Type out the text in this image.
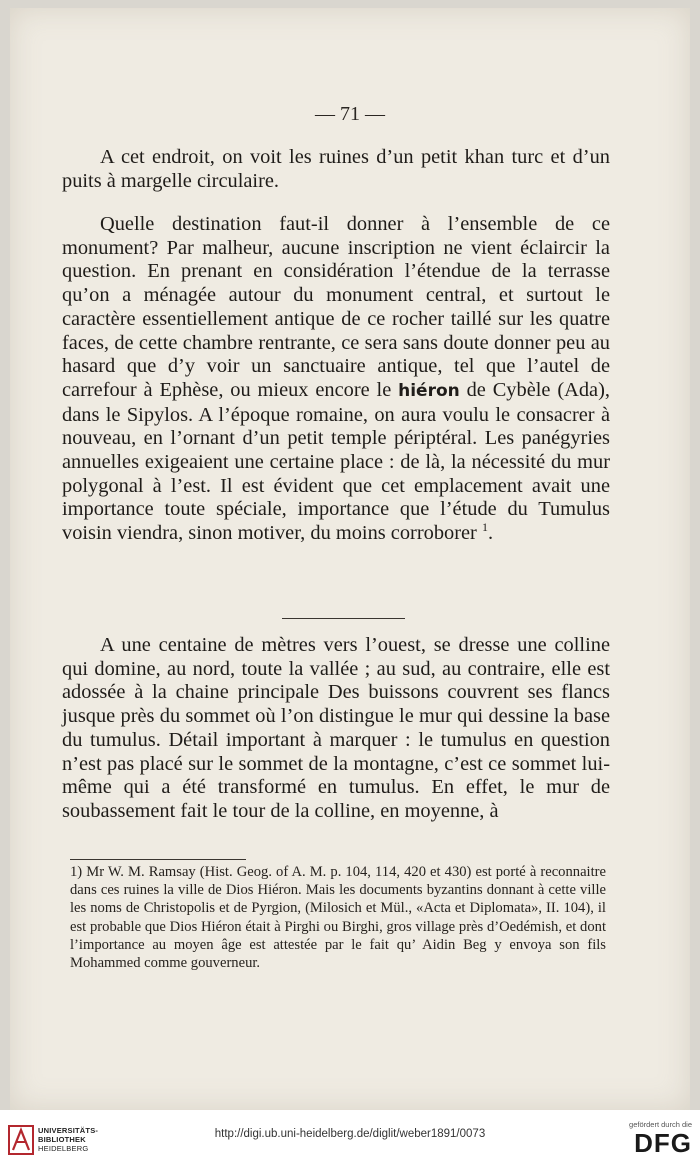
— 71 —

A cet endroit, on voit les ruines d’un petit khan turc et d’un puits à margelle circulaire.

Quelle destination faut-il donner à l’ensemble de ce monument? Par malheur, aucune inscription ne vient éclaircir la question. En prenant en considération l’étendue de la terrasse qu’on a ménagée autour du monument central, et surtout le caractère essentiellement antique de ce rocher taillé sur les quatre faces, de cette chambre rentrante, ce sera sans doute donner peu au hasard que d’y voir un sanctuaire antique, tel que l’autel de carrefour à Ephèse, ou mieux encore le hiéron de Cybèle (Ada), dans le Sipylos. A l’époque romaine, on aura voulu le consacrer à nouveau, en l’ornant d’un petit temple périptéral. Les panégyries annuelles exigeaient une certaine place : de là, la nécessité du mur polygonal à l’est. Il est évident que cet emplacement avait une importance toute spéciale, importance que l’étude du Tumulus voisin viendra, sinon motiver, du moins corroborer $^1$.

A une centaine de mètres vers l’ouest, se dresse une colline qui domine, au nord, toute la vallée ; au sud, au contraire, elle est adossée à la chaine principale Des buissons couvrent ses flancs jusque près du sommet où l’on distingue le mur qui dessine la base du tumulus. Détail important à marquer : le tumulus en question n’est pas placé sur le sommet de la montagne, c’est ce sommet lui-même qui a été transformé en tumulus. En effet, le mur de soubassement fait le tour de la colline, en moyenne, à

1) Mr W. M. Ramsay (Hist. Geog. of A. M. p. 104, 114, 420 et 430) est porté à reconnaitre dans ces ruines la ville de Dios Hiéron. Mais les documents byzantins donnant à cette ville les noms de Christopolis et de Pyrgion, (Milosich et Mül., «Acta et Diplomata», II. 104), il est probable que Dios Hiéron était à Pirghi ou Birghi, gros village près d’Oedémish, et dont l’importance au moyen âge est attestée par le fait qu’ Aidin Beg y envoya son fils Mohammed comme gouverneur.
UNIVERSITÄTS-
BIBLIOTHEK
HEIDELBERG
http://digi.ub.uni-heidelberg.de/diglit/weber1891/0073
gefördert durch die
DFG
